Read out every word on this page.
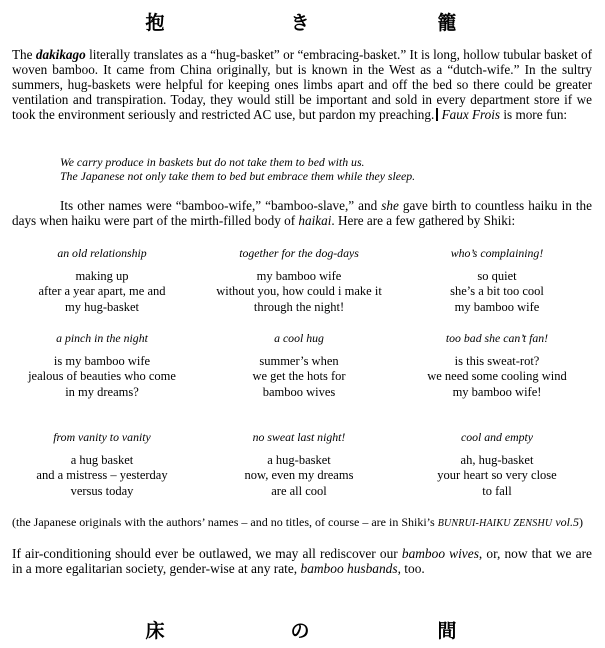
抱	き	籠

The dakikago literally translates as a “hug-basket” or “embracing-basket.” It is long, hollow tubular basket of woven bamboo. It came from China originally, but is known in the West as a “dutch-wife.” In the sultry summers, hug-baskets were helpful for keeping ones limbs apart and off the bed so there could be greater ventilation and transpiration. Today, they would still be important and sold in every department store if we took the environment seriously and restricted AC use, but pardon my preaching. Faux Frois is more fun:

We carry produce in baskets but do not take them to bed with us.
The Japanese not only take them to bed but embrace them while they sleep.

Its other names were “bamboo-wife,” “bamboo-slave,” and she gave birth to countless haiku in the days when haiku were part of the mirth-filled body of haikai. Here are a few gathered by Shiki:

an old relationship
making up
after a year apart, me and
my hug-basket
together for the dog-days
my bamboo wife
without you, how could i make it
through the night!
who’s complaining!
so quiet
she’s a bit too cool
my bamboo wife
a pinch in the night
is my bamboo wife
jealous of beauties who come
in my dreams?
a cool hug
summer’s when
we get the hots for
bamboo wives
too bad she can’t fan!
is this sweat-rot?
we need some cooling wind
my bamboo wife!
from vanity to vanity
a hug basket
and a mistress – yesterday
versus today
no sweat last night!
a hug-basket
now, even my dreams
are all cool
cool and empty
ah, hug-basket
your heart so very close
to fall
(the Japanese originals with the authors’ names – and no titles, of course – are in Shiki’s BUNRUI-HAIKU ZENSHU vol.5)

If air-conditioning should ever be outlawed, we may all rediscover our bamboo wives, or, now that we are in a more egalitarian society, gender-wise at any rate, bamboo husbands, too.

床	の	間
